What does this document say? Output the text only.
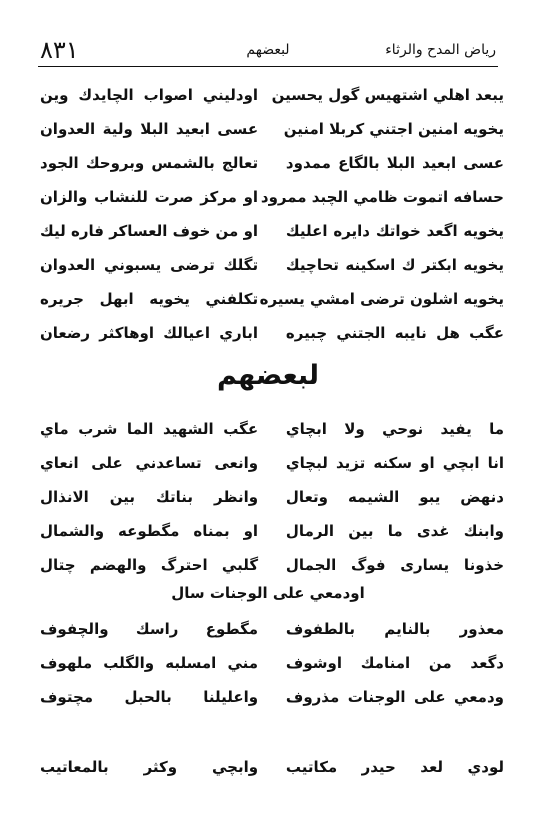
رياض المدح والرثاء
لبعضهم
٨٣١
يبعد اهلي اشتهيس گول يحسين
اودليني اصواب الچايدك وين
يخويه امنين اجتني كربلا امنين
عسى ابعيد البلا ولية العدوان
عسى ابعيد البلا بالگاع ممدود
تعالج بالشمس وبروحك الجود
حسافه اتموت ظامي الچبد ممرود
او مركز صرت للنشاب والزان
يخويه اگعد خواتك دايره اعليك
او من خوف العساكر فاره ليك
يخويه ابكتر ك اسكينه تحاچيك
تگلك ترضى يسبوني العدوان
يخويه اشلون ترضى امشي يسيره
تكلفني يخويه ابهل جريره
عگب هل نايبه الجتني چبيره
اباري اعيالك اوهاكثر رضعان
لبعضهم
ما يفيد نوحي ولا ابچاي
عگب الشهيد الما شرب ماي
انا ابچي او سكنه تزيد لبچاي
وانعى تساعدني على انعاي
دنهض يبو الشيمه وتعال
وانظر بناتك بين الانذال
وابنك غدى ما بين الرمال
او بمناه مگطوعه والشمال
خذونا يسارى فوگ الجمال
گلبي احترگ والهضم چتال
اودمعي على الوجنات سال
معذور بالنايم بالطفوف
مگطوع راسك والچفوف
دگعد من امنامك اوشوف
مني امسلبه والگلب ملهوف
ودمعي على الوجنات مذروف
واعليلنا بالحبل مچتوف
لودي لعد حيدر مكاتيب
وابچي وكثر بالمعاتيب
